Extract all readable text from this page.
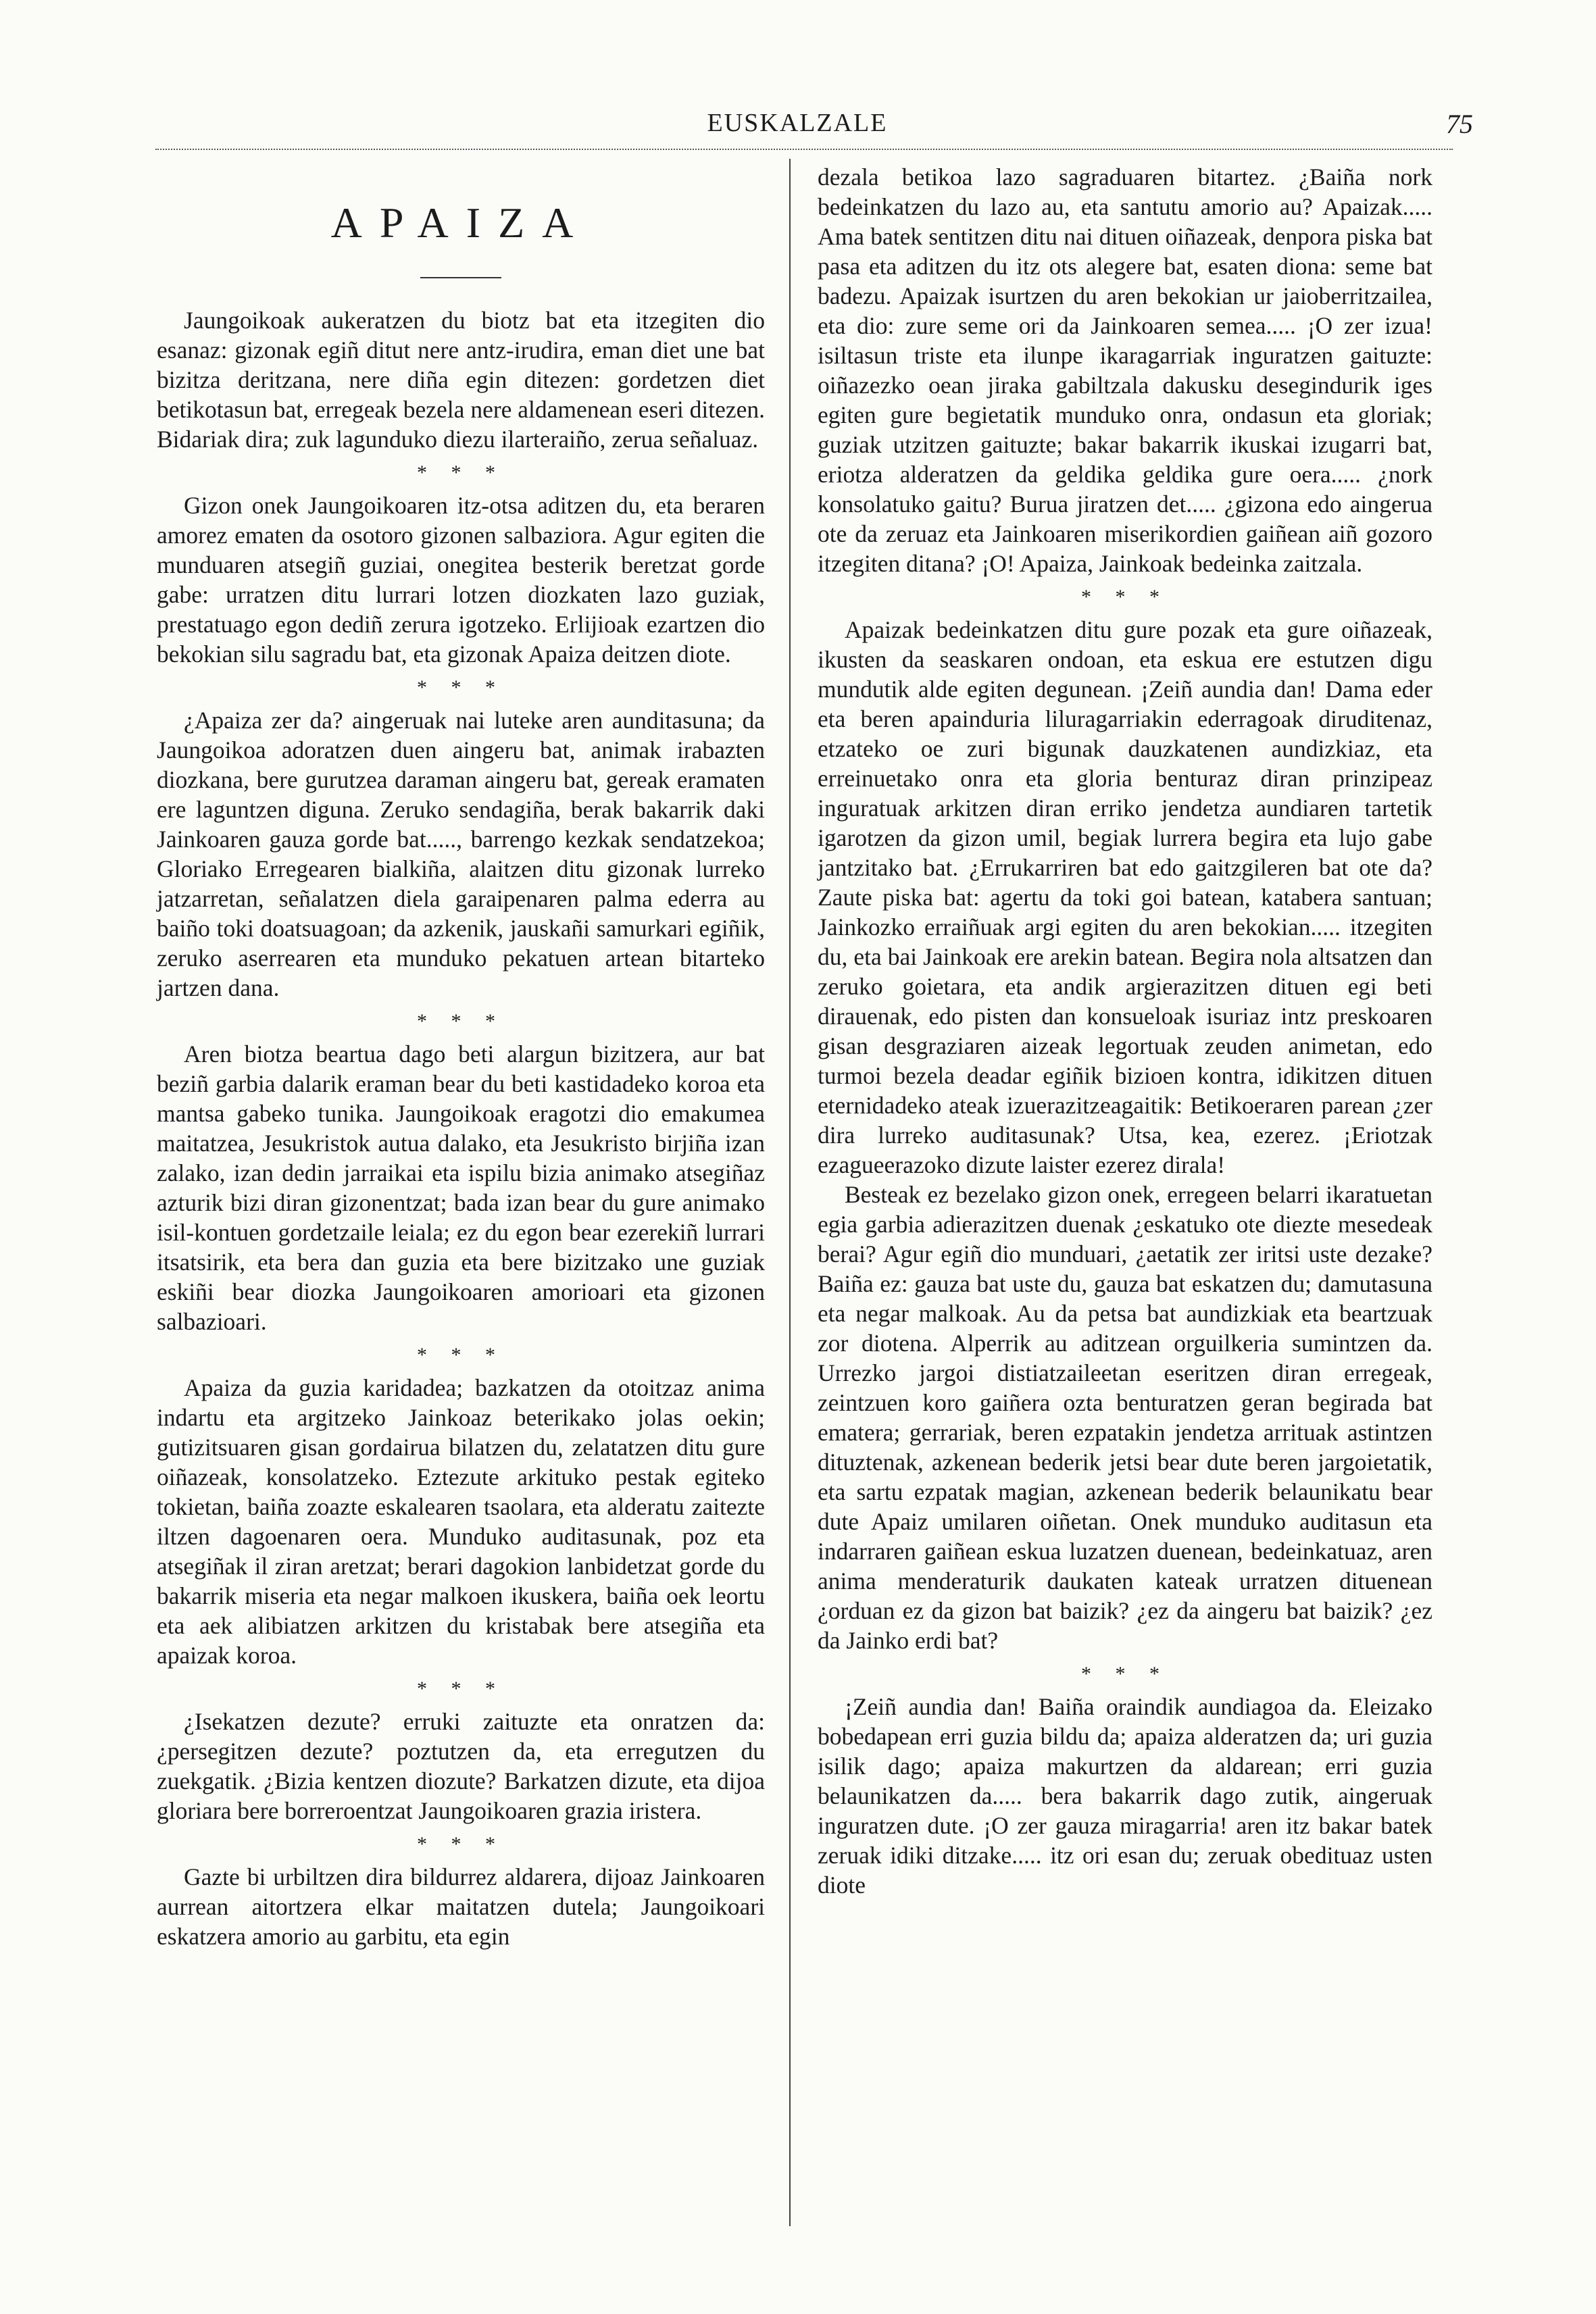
EUSKALZALE	75
APAIZA

Jaungoikoak aukeratzen du biotz bat eta itzegiten dio esanaz: gizonak egiñ ditut nere antz-irudira, eman diet une bat bizitza deritzana, nere diña egin ditezen: gordetzen diet betikotasun bat, erregeak bezela nere aldamenean eseri ditezen. Bidariak dira; zuk lagunduko diezu ilarteraiño, zerua señaluaz.

* * *

Gizon onek Jaungoikoaren itz-otsa aditzen du, eta beraren amorez ematen da osotoro gizonen salbaziora. Agur egiten die munduaren atsegiñ guziai, onegitea besterik beretzat gorde gabe: urratzen ditu lurrari lotzen diozkaten lazo guziak, prestatuago egon dediñ zerura igotzeko. Erlijioak ezartzen dio bekokian silu sagradu bat, eta gizonak Apaiza deitzen diote.

* * *

¿Apaiza zer da? aingeruak nai luteke aren aunditasuna; da Jaungoikoa adoratzen duen aingeru bat, animak irabazten diozkana, bere gurutzea daraman aingeru bat, gereak eramaten ere laguntzen diguna. Zeruko sendagiña, berak bakarrik daki Jainkoaren gauza gorde bat....., barrengo kezkak sendatzekoa; Gloriako Erregearen bialkiña, alaitzen ditu gizonak lurreko jatzarretan, señalatzen diela garaipenaren palma ederra au baiño toki doatsuagoan; da azkenik, jauskañi samurkari egiñik, zeruko aserrearen eta munduko pekatuen artean bitarteko jartzen dana.

* * *

Aren biotza beartua dago beti alargun bizitzera, aur bat beziñ garbia dalarik eraman bear du beti kastidadeko koroa eta mantsa gabeko tunika. Jaungoikoak eragotzi dio emakumea maitatzea, Jesukristok autua dalako, eta Jesukristo birjiña izan zalako, izan dedin jarraikai eta ispilu bizia animako atsegiñaz azturik bizi diran gizonentzat; bada izan bear du gure animako isil-kontuen gordetzaile leiala; ez du egon bear ezerekiñ lurrari itsatsirik, eta bera dan guzia eta bere bizitzako une guziak eskiñi bear diozka Jaungoikoaren amorioari eta gizonen salbazioari.

* * *

Apaiza da guzia karidadea; bazkatzen da otoitzaz anima indartu eta argitzeko Jainkoaz beterikako jolas oekin; gutizitsuaren gisan gordairua bilatzen du, zelatatzen ditu gure oiñazeak, konsolatzeko. Eztezute arkituko pestak egiteko tokietan, baiña zoazte eskalearen tsaolara, eta alderatu zaitezte iltzen dagoenaren oera. Munduko auditasunak, poz eta atsegiñak il ziran aretzat; berari dagokion lanbidetzat gorde du bakarrik miseria eta negar malkoen ikuskera, baiña oek leortu eta aek alibiatzen arkitzen du kristabak bere atsegiña eta apaizak koroa.

* * *

¿Isekatzen dezute? erruki zaituzte eta onratzen da: ¿persegitzen dezute? poztutzen da, eta erregutzen du zuekgatik. ¿Bizia kentzen diozute? Barkatzen dizute, eta dijoa gloriara bere borreroentzat Jaungoikoaren grazia iristera.

* * *

Gazte bi urbiltzen dira bildurrez aldarera, dijoaz Jainkoaren aurrean aitortzera elkar maitatzen dutela; Jaungoikoari eskatzera amorio au garbitu, eta egin

dezala betikoa lazo sagraduaren bitartez. ¿Baiña nork bedeinkatzen du lazo au, eta santutu amorio au? Apaizak..... Ama batek sentitzen ditu nai dituen oiñazeak, denpora piska bat pasa eta aditzen du itz ots alegere bat, esaten diona: seme bat badezu. Apaizak isurtzen du aren bekokian ur jaioberritzailea, eta dio: zure seme ori da Jainkoaren semea..... ¡O zer izua! isiltasun triste eta ilunpe ikaragarriak inguratzen gaituzte: oiñazezko oean jiraka gabiltzala dakusku desegindurik iges egiten gure begietatik munduko onra, ondasun eta gloriak; guziak utzitzen gaituzte; bakar bakarrik ikuskai izugarri bat, eriotza alderatzen da geldika geldika gure oera..... ¿nork konsolatuko gaitu? Burua jiratzen det..... ¿gizona edo aingerua ote da zeruaz eta Jainkoaren miserikordien gaiñean aiñ gozoro itzegiten ditana? ¡O! Apaiza, Jainkoak bedeinka zaitzala.

* * *

Apaizak bedeinkatzen ditu gure pozak eta gure oiñazeak, ikusten da seaskaren ondoan, eta eskua ere estutzen digu mundutik alde egiten degunean. ¡Zeiñ aundia dan! Dama eder eta beren apainduria liluragarriakin ederragoak diruditenaz, etzateko oe zuri bigunak dauzkatenen aundizkiaz, eta erreinuetako onra eta gloria benturaz diran prinzipeaz inguratuak arkitzen diran erriko jendetza aundiaren tartetik igarotzen da gizon umil, begiak lurrera begira eta lujo gabe jantzitako bat. ¿Errukarriren bat edo gaitzgileren bat ote da? Zaute piska bat: agertu da toki goi batean, katabera santuan; Jainkozko erraiñuak argi egiten du aren bekokian..... itzegiten du, eta bai Jainkoak ere arekin batean. Begira nola altsatzen dan zeruko goietara, eta andik argierazitzen dituen egi beti dirauenak, edo pisten dan konsueloak isuriaz intz preskoaren gisan desgraziaren aizeak legortuak zeuden animetan, edo turmoi bezela deadar egiñik bizioen kontra, idikitzen dituen eternidadeko ateak izuerazitzeagaitik: Betikoeraren parean ¿zer dira lurreko auditasunak? Utsa, kea, ezerez. ¡Eriotzak ezagueerazoko dizute laister ezerez dirala!

Besteak ez bezelako gizon onek, erregeen belarri ikaratuetan egia garbia adierazitzen duenak ¿eskatuko ote diezte mesedeak berai? Agur egiñ dio munduari, ¿aetatik zer iritsi uste dezake? Baiña ez: gauza bat uste du, gauza bat eskatzen du; damutasuna eta negar malkoak. Au da petsa bat aundizkiak eta beartzuak zor diotena. Alperrik au aditzean orguilkeria sumintzen da. Urrezko jargoi distiatzaileetan eseritzen diran erregeak, zeintzuen koro gaiñera ozta benturatzen geran begirada bat ematera; gerrariak, beren ezpatakin jendetza arrituak astintzen dituztenak, azkenean bederik jetsi bear dute beren jargoietatik, eta sartu ezpatak magian, azkenean bederik belaunikatu bear dute Apaiz umilaren oiñetan. Onek munduko auditasun eta indarraren gaiñean eskua luzatzen duenean, bedeinkatuaz, aren anima menderaturik daukaten kateak urratzen dituenean ¿orduan ez da gizon bat baizik? ¿ez da aingeru bat baizik? ¿ez da Jainko erdi bat?

* * *

¡Zeiñ aundia dan! Baiña oraindik aundiagoa da. Eleizako bobedapean erri guzia bildu da; apaiza alderatzen da; uri guzia isilik dago; apaiza makurtzen da aldarean; erri guzia belaunikatzen da..... bera bakarrik dago zutik, aingeruak inguratzen dute. ¡O zer gauza miragarria! aren itz bakar batek zeruak idiki ditzake..... itz ori esan du; zeruak obedituaz usten diote
